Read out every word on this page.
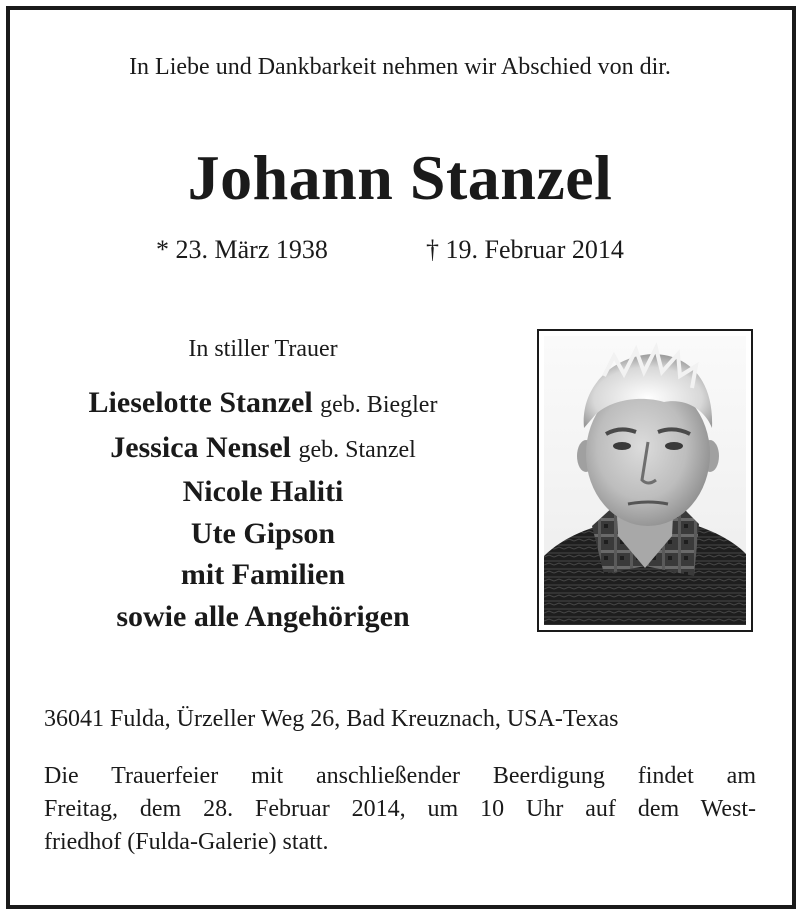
In Liebe und Dankbarkeit nehmen wir Abschied von dir.
Johann Stanzel
* 23. März 1938	† 19. Februar 2014
In stiller Trauer
Lieselotte Stanzel geb. Biegler
Jessica Nensel geb. Stanzel
Nicole Haliti
Ute Gipson
mit Familien
sowie alle Angehörigen
36041 Fulda, Ürzeller Weg 26, Bad Kreuznach, USA-Texas
Die Trauerfeier mit anschließender Beerdigung findet am
Freitag, dem 28. Februar 2014, um 10 Uhr auf dem West-
friedhof (Fulda-Galerie) statt.
